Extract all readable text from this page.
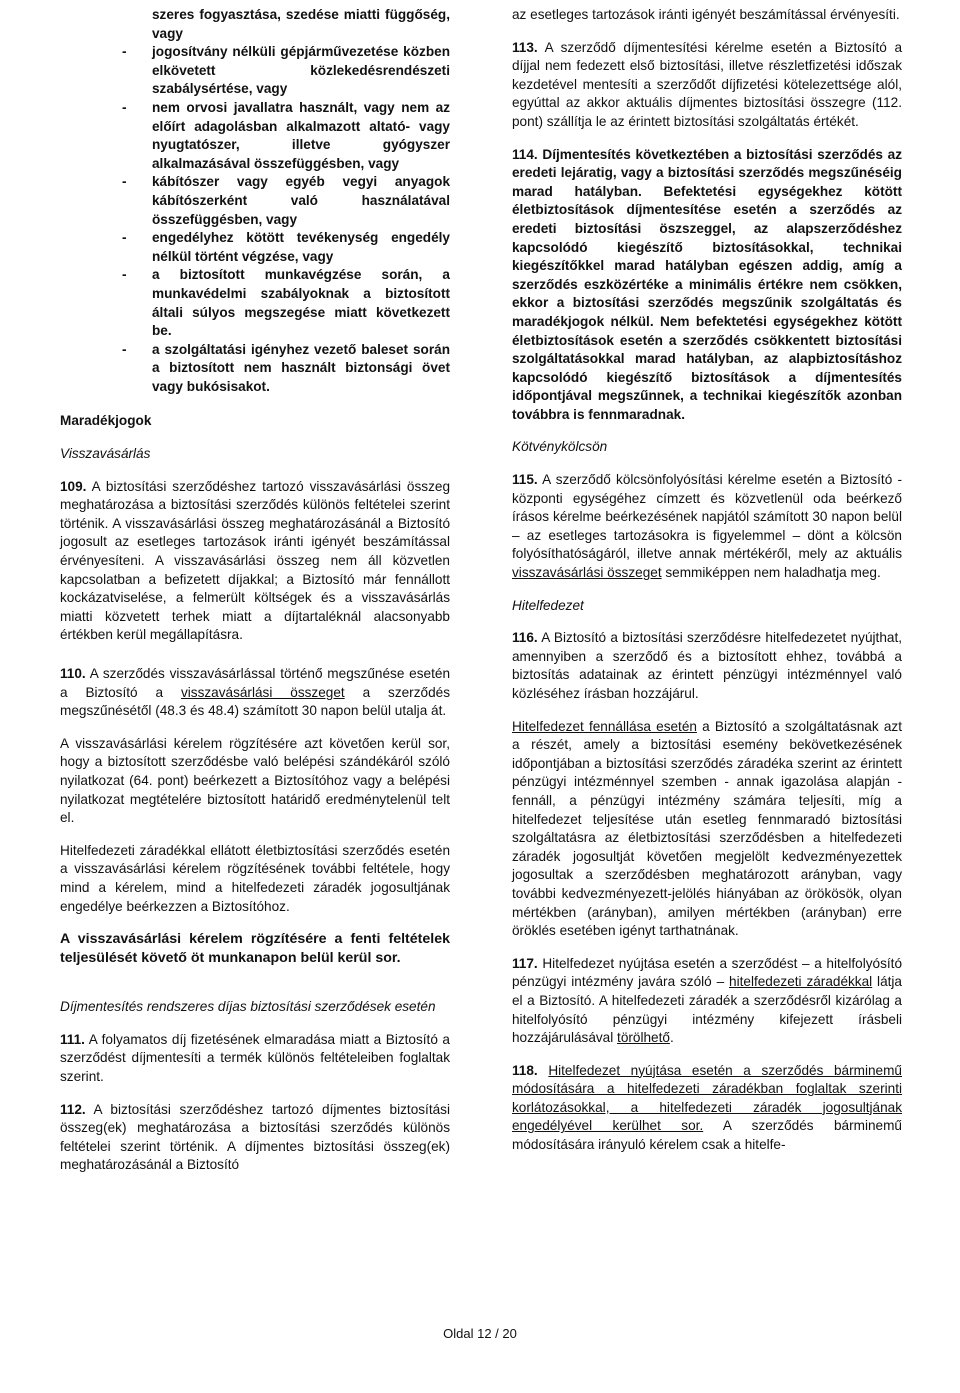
szeres fogyasztása, szedése miatti függőség, vagy

-	jogosítvány nélküli gépjárművezetése közben elkövetett közlekedésrendészeti szabálysértése, vagy
-	nem orvosi javallatra használt, vagy nem az előírt adagolásban alkalmazott altató- vagy nyugtatószer, illetve gyógyszer alkalmazásával összefüggésben, vagy
-	kábítószer vagy egyéb vegyi anyagok kábítószerként való használatával összefüggésben, vagy
-	engedélyhez kötött tevékenység engedély nélkül történt végzése, vagy
-	a biztosított munkavégzése során, a munkavédelmi szabályoknak a biztosított általi súlyos megszegése miatt következett be.
-	a szolgáltatási igényhez vezető baleset során a biztosított nem használt biztonsági övet vagy bukósisakot.

Maradékjogok

Visszavásárlás

109. A biztosítási szerződéshez tartozó visszavásárlási összeg meghatározása a biztosítási szerződés különös feltételei szerint történik. A visszavásárlási összeg meghatározásánál a Biztosító jogosult az esetleges tartozások iránti igényét beszámítással érvényesíteni. A visszavásárlási összeg nem áll közvetlen kapcsolatban a befizetett díjakkal; a Biztosító már fennállott kockázatviselése, a felmerült költségek és a visszavásárlás miatti közvetett terhek miatt a díjtartaléknál alacsonyabb értékben kerül megállapításra.

110. A szerződés visszavásárlással történő megszűnése esetén a Biztosító a visszavásárlási összeget a szerződés megszűnésétől (48.3 és 48.4) számított 30 napon belül utalja át.

A visszavásárlási kérelem rögzítésére azt követően kerül sor, hogy a biztosított szerződésbe való belépési szándékáról szóló nyilatkozat (64. pont) beérkezett a Biztosítóhoz vagy a belépési nyilatkozat megtételére biztosított határidő eredménytelenül telt el.

Hitelfedezeti záradékkal ellátott életbiztosítási szerződés esetén a visszavásárlási kérelem rögzítésének további feltétele, hogy mind a kérelem, mind a hitelfedezeti záradék jogosultjának engedélye beérkezzen a Biztosítóhoz.

A visszavásárlási kérelem rögzítésére a fenti feltételek teljesülését követő öt munkanapon belül kerül sor.

Díjmentesítés rendszeres díjas biztosítási szerződések esetén

111. A folyamatos díj fizetésének elmaradása miatt a Biztosító a szerződést díjmentesíti a termék különös feltételeiben foglaltak szerint.

112. A biztosítási szerződéshez tartozó díjmentes biztosítási összeg(ek) meghatározása a biztosítási szerződés különös feltételei szerint történik. A díjmentes biztosítási összeg(ek) meghatározásánál a Biztosító

az esetleges tartozások iránti igényét beszámítással érvényesíti.

113. A szerződő díjmentesítési kérelme esetén a Biztosító a díjjal nem fedezett első biztosítási, illetve részletfizetési időszak kezdetével mentesíti a szerződőt díjfizetési kötelezettsége alól, egyúttal az akkor aktuális díjmentes biztosítási összegre (112. pont) szállítja le az érintett biztosítási szolgáltatás értékét.

114. Díjmentesítés következtében a biztosítási szerződés az eredeti lejáratig, vagy a biztosítási szerződés megszűnéséig marad hatályban. Befektetési egységekhez kötött életbiztosítások díjmentesítése esetén a szerződés az eredeti biztosítási öszszeggel, az alapszerződéshez kapcsolódó kiegészítő biztosításokkal, technikai kiegészítőkkel marad hatályban egészen addig, amíg a szerződés eszközértéke a minimális értékre nem csökken, ekkor a biztosítási szerződés megszűnik szolgáltatás és maradékjogok nélkül. Nem befektetési egységekhez kötött életbiztosítások esetén a szerződés csökkentett biztosítási szolgáltatásokkal marad hatályban, az alapbiztosításhoz kapcsolódó kiegészítő biztosítások a díjmentesítés időpontjával megszűnnek, a technikai kiegészítők azonban továbbra is fennmaradnak.

Kötvénykölcsön

115. A szerződő kölcsönfolyósítási kérelme esetén a Biztosító - központi egységéhez címzett és közvetlenül oda beérkező írásos kérelme beérkezésének napjától számított 30 napon belül – az esetleges tartozásokra is figyelemmel – dönt a kölcsön folyósíthatóságáról, illetve annak mértékéről, mely az aktuális visszavásárlási összeget semmiképpen nem haladhatja meg.

Hitelfedezet

116. A Biztosító a biztosítási szerződésre hitelfedezetet nyújthat, amennyiben a szerződő és a biztosított ehhez, továbbá a biztosítás adatainak az érintett pénzügyi intézménnyel való közléséhez írásban hozzájárul.

Hitelfedezet fennállása esetén a Biztosító a szolgáltatásnak azt a részét, amely a biztosítási esemény bekövetkezésének időpontjában a biztosítási szerződés záradéka szerint az érintett pénzügyi intézménnyel szemben - annak igazolása alapján - fennáll, a pénzügyi intézmény számára teljesíti, míg a hitelfedezet teljesítése után esetleg fennmaradó biztosítási szolgáltatásra az életbiztosítási szerződésben a hitelfedezeti záradék jogosultját követően megjelölt kedvezményezettek jogosultak a szerződésben meghatározott arányban, vagy további kedvezményezett-jelölés hiányában az örökösök, olyan mértékben (arányban), amilyen mértékben (arányban) erre öröklés esetében igényt tarthatnának.

117. Hitelfedezet nyújtása esetén a szerződést – a hitelfolyósító pénzügyi intézmény javára szóló – hitelfedezeti záradékkal látja el a Biztosító. A hitelfedezeti záradék a szerződésről kizárólag a hitelfolyósító pénzügyi intézmény kifejezett írásbeli hozzájárulásával törölhető.

118. Hitelfedezet nyújtása esetén a szerződés bárminemű módosítására a hitelfedezeti záradékban foglaltak szerinti korlátozásokkal, a hitelfedezeti záradék jogosultjának engedélyével kerülhet sor. A szerződés bárminemű módosítására irányuló kérelem csak a hitelfe-

Oldal 12 / 20
